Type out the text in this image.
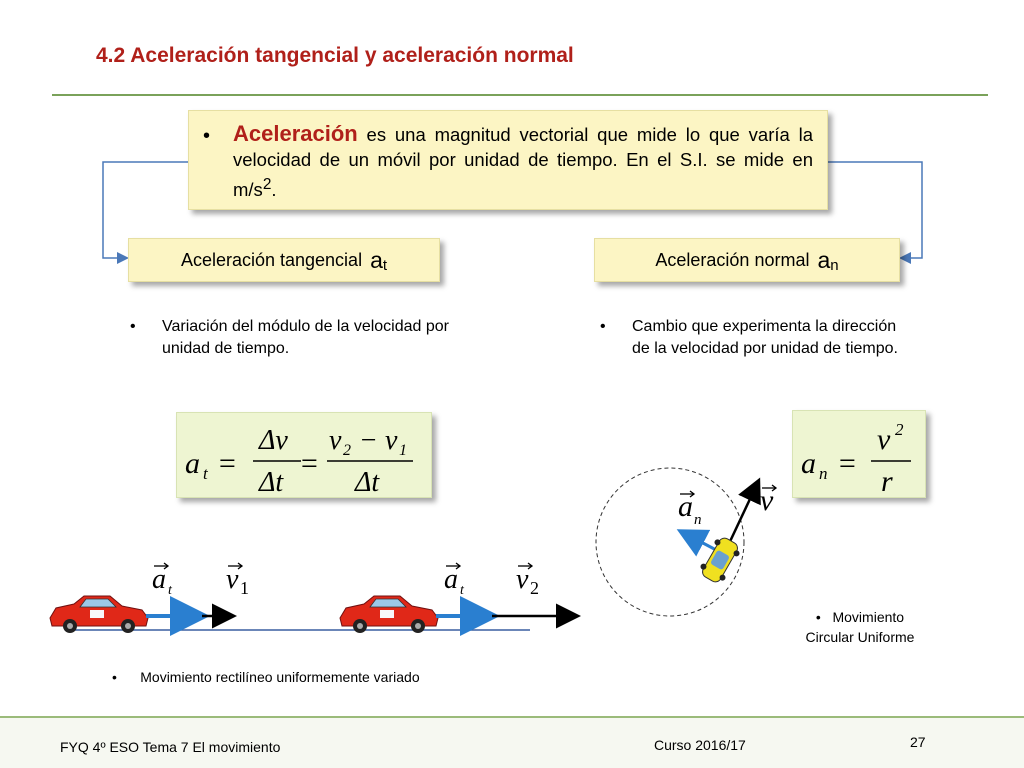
4.2 Aceleración tangencial y aceleración normal
• Aceleración es una magnitud vectorial que mide lo que varía la velocidad de un móvil por unidad de tiempo. En el S.I. se mide en $m/s^2$.
Aceleración tangencial a t	Aceleración normal a n
• Variación del módulo de la velocidad por unidad de tiempo.
• Cambio que experimenta la dirección de la velocidad por unidad de tiempo.
a t =
Δv
Δt
=
v 2 − v 1
Δt
a n =
v 2
r
a n
v
a t v 1	a t v 2
• Movimiento
Circular Uniforme
• Movimiento rectilíneo uniformemente variado
FYQ 4º ESO Tema 7 El movimiento	Curso 2016/17	27
